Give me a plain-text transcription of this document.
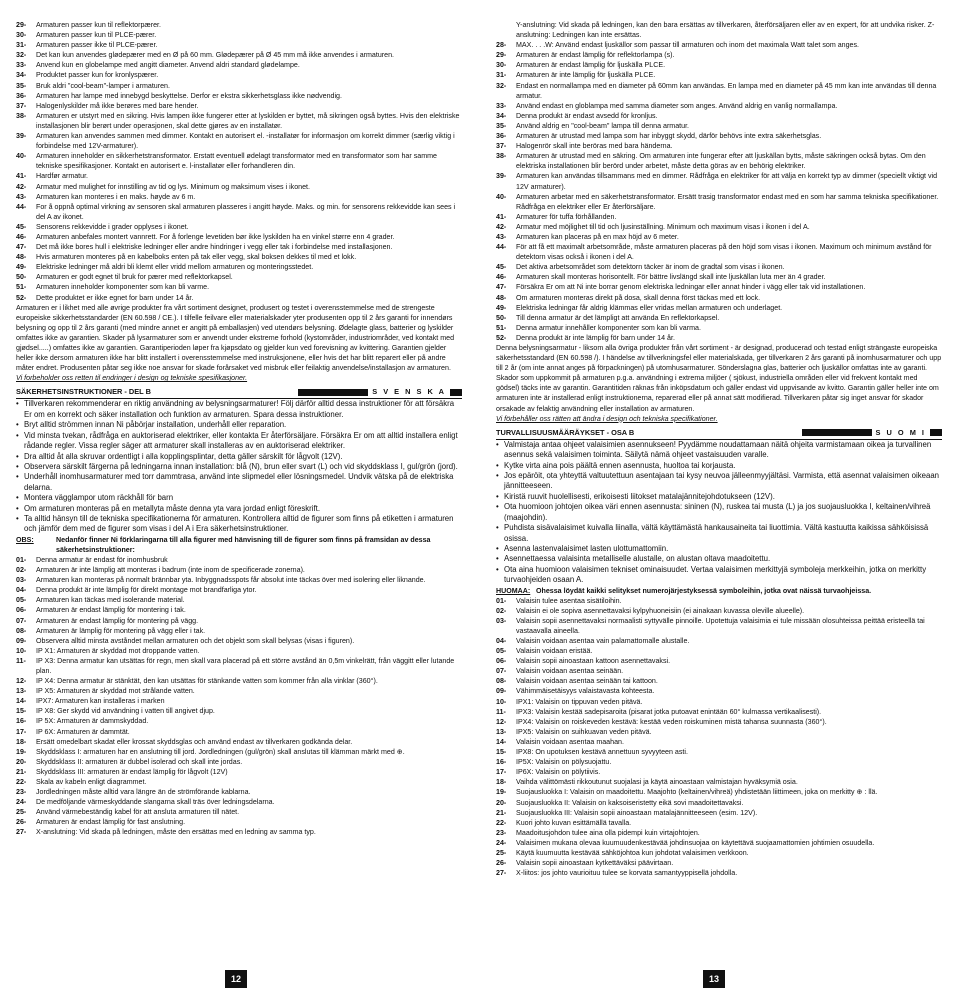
29-	Armaturen passer kun til reflektorpærer.
30-	Armaturen passer kun til PLCE-pærer.
31-	Armaturen passer ikke til PLCE-pærer.
32-	Det kan kun anvendes glødepærer med en Ø på 60 mm. Glødepærer på Ø 45 mm må ikke anvendes i armaturen.
33-	Anvend kun en globelampe med angitt diameter. Anvend aldri standard glødelampe.
34-	Produktet passer kun for kronlyspærer.
35-	Bruk aldri "cool-beam"-lamper i armaturen.
36-	Armaturen har lampe med innebygd beskyttelse. Derfor er ekstra sikkerhetsglass ikke nødvendig.
37-	Halogenlyskilder må ikke berøres med bare hender.
38-	Armaturen er utstyrt med en sikring. Hvis lampen ikke fungerer etter at lyskilden er byttet, må sikringen også byttes. Hvis den elektriske installasjonen blir berørt under operasjonen, skal dette gjøres av en installatør.
39-	Armaturen kan anvendes sammen med dimmer. Kontakt en autorisert el. -installatør for informasjon om korrekt dimmer (særlig viktig i forbindelse med 12V-armaturer).
40-	Armaturen inneholder en sikkerhetstransformator. Erstatt eventuell ødelagt transformator med en transformator som har samme tekniske spesifikasjoner. Kontakt en autorisert e. l-installatør eller forhandleren din.
41-	Hardfør armatur.
42-	Armatur med mulighet for innstilling av tid og lys. Minimum og maksimum vises i ikonet.
43-	Armaturen kan monteres i en maks. høyde av 6 m.
44-	For å oppnå optimal virkning av sensoren skal armaturen plasseres i angitt høyde. Maks. og min. for sensorens rekkevidde kan sees i del A av ikonet.
45-	Sensorens rekkevidde i grader opplyses i ikonet.
46-	Armaturen anbefales montert vannrett. For å forlenge levetiden bør ikke lyskilden ha en vinkel større enn 4 grader.
47-	Det må ikke bores hull i elektriske ledninger eller andre hindringer i vegg eller tak i forbindelse med installasjonen.
48-	Hvis armaturen monteres på en kabelboks enten på tak eller vegg, skal boksen dekkes til med et lokk.
49-	Elektriske ledninger må aldri bli klemt eller vridd mellom armaturen og monteringsstedet.
50-	Armaturen er godt egnet til bruk for pærer med reflektorkapsel.
51-	Armaturen inneholder komponenter som kan bli varme.
52-	Dette produktet er ikke egnet for barn under 14 år.

Armaturen er i likhet med alle øvrige produkter fra vårt sortiment designet, produsert og testet i overensstemmelse med de strengeste europeiske sikkerhetsstandarder (EN 60.598 / CE.). I tilfelle feilvare eller materialskader yter produsenten opp til 2 års garanti for innendørs belysning og opp til 2 års garanti (med mindre annet er angitt på emballasjen) ved utendørs belysning. Ødelagte glass, batterier og lyskilder omfattes ikke av garantien. Skader på lysarmaturer som er anvendt under ekstreme forhold (kystområder, industriområder, ved kontakt med gjødsel.....) omfattes ikke av garantien. Garantiperioden løper fra kjøpsdato og gjelder kun ved forevisning av kvittering. Garantien gjelder heller ikke dersom armaturen ikke har blitt installert i overensstemmelse med instruksjonene, eller hvis det har blitt reparert eller på andre måter endret. Produsenten påtar seg ikke noe ansvar for skade forårsaket ved misbruk eller feilaktig anvendelse/installasjon av armaturen.

Vi forbeholder oss retten til endringer i design og tekniske spesifikasjoner.

SÄKERHETSINSTRUKTIONER - DEL B	S V E N S K A
• Tillverkaren rekommenderar en riktig användning av belysningsarmaturer! Följ därför alltid dessa instruktioner för att försäkra Er om en korrekt och säker installation och funktion av armaturen. Spara dessa instruktioner.
• Bryt alltid strömmen innan Ni påbörjar installation, underhåll eller reparation.
• Vid minsta tvekan, rådfråga en auktoriserad elektriker, eller kontakta Er återförsäljare. Försäkra Er om att alltid installera enligt rådande regler. Vissa regler säger att armaturer skall installeras av en auktoriserad elektriker.
• Dra alltid åt alla skruvar ordentligt i alla kopplingsplintar, detta gäller särskilt för lågvolt (12V).
• Observera särskilt färgerna på ledningarna innan installation: blå (N), brun eller svart (L) och vid skyddsklass I, gul/grön (jord).
• Underhåll inomhusarmaturer med torr dammtrasa, använd inte slipmedel eller lösningsmedel. Undvik vätska på de elektriska delarna.
• Montera vägglampor utom räckhåll för barn
• Om armaturen monteras på en metallyta måste denna yta vara jordad enligt föreskrift.
• Ta alltid hänsyn till de tekniska specifikationerna för armaturen. Kontrollera alltid de figurer som finns på etiketten i armaturen och jämför dem med de figurer som visas i del A i Era säkerhetsinstruktioner.
OBS:	Nedanför finner Ni förklaringarna till alla figurer med hänvisning till de figurer som finns på framsidan av dessa säkerhetsinstruktioner:
01-	Denna armatur är endast för inomhusbruk
02-	Armaturen är inte lämplig att monteras i badrum (inte inom de specificerade zonerna).
03-	Armaturen kan monteras på normalt brännbar yta. Inbyggnadsspots får absolut inte täckas över med isolering eller liknande.
04-	Denna produkt är inte lämplig för direkt montage mot brandfarliga ytor.
05-	Armaturen kan täckas med isolerande material.
06-	Armaturen är endast lämplig för montering i tak.
07-	Armaturen är endast lämplig för montering på vägg.
08-	Armaturen är lämplig för montering på vägg eller i tak.
09-	Observera alltid minsta avståndet mellan armaturen och det objekt som skall belysas (visas i figuren).
10-	IP X1: Armaturen är skyddad mot droppande vatten.
11-	IP X3: Denna armatur kan utsättas för regn, men skall vara placerad på ett större avstånd än 0,5m vinkelrätt, från väggitt eller lutande plan.
12-	IP X4: Denna armatur är stänktät, den kan utsättas för stänkande vatten som kommer från alla vinklar (360°).
13-	IP X5: Armaturen är skyddad mot strålande vatten.
14-	IPX7: Armaturen kan installeras i marken
15-	IP X8: Ger skydd vid användning i vatten till angivet djup.
16-	IP 5X: Armaturen är dammskyddad.
17-	IP 6X: Armaturen är dammtät.
18-	Ersätt omedelbart skadat eller krossat skyddsglas och använd endast av tillverkaren godkända delar.
19-	Skyddsklass I: armaturen har en anslutning till jord. Jordledningen (gul/grön) skall anslutas till klämman märkt med ⊕.
20-	Skyddsklass II: armaturen är dubbel isolerad och skall inte jordas.
21-	Skyddsklass III: armaturen är endast lämplig för lågvolt (12V)
22-	Skala av kabeln enligt diagrammet.
23-	Jordledningen måste alltid vara längre än de strömförande kablarna.
24-	De medföljande värmeskyddande slangarna skall träs över ledningsdelarna.
25-	Använd värmebeständig kabel för att ansluta armaturen till nätet.
26-	Armaturen är endast lämplig för fast anslutning.
27-	X-anslutning: Vid skada på ledningen, måste den ersättas med en ledning av samma typ.
Y-anslutning: Vid skada på ledningen, kan den bara ersättas av tillverkaren, återförsäljaren eller av en expert, för att undvika risker. Z-anslutning: Ledningen kan inte ersättas.
28-	MAX. . . .W: Använd endast ljuskällor som passar till armaturen och inom det maximala Watt talet som anges.
29-	Armaturen är endast lämplig för reflektorlampa (s).
30-	Armaturen är endast lämplig för ljuskälla PLCE.
31-	Armaturen är inte lämplig för ljuskälla PLCE.
32-	Endast en normallampa med en diameter på 60mm kan användas. En lampa med en diameter på 45 mm kan inte användas till denna armatur.
33-	Använd endast en globlampa med samma diameter som anges. Använd aldrig en vanlig normallampa.
34-	Denna produkt är endast avsedd för kronljus.
35-	Använd aldrig en "cool-beam" lampa till denna armatur.
36-	Armaturen är utrustad med lampa som har inbyggt skydd, därför behövs inte extra säkerhetsglas.
37-	Halogenrör skall inte beröras med bara händerna.
38-	Armaturen är utrustad med en säkring. Om armaturen inte fungerar efter att ljuskällan bytts, måste säkringen också bytas. Om den elektriska installationen blir berörd under arbetet, måste detta göras av en behörig elektriker.
39-	Armaturen kan användas tillsammans med en dimmer. Rådfråga en elektriker för att välja en korrekt typ av dimmer (speciellt viktigt vid 12V armaturer).
40-	Armaturen arbetar med en säkerhetstransformator. Ersätt trasig transformator endast med en som har samma tekniska specifikationer. Rådfråga en elektriker eller Er återförsäljare.
41-	Armaturer för tuffa förhållanden.
42-	Armatur med möjlighet till tid och ljusinställning. Minimum och maximum visas i ikonen i del A.
43-	Armaturen kan placeras på en max höjd av 6 meter.
44-	För att få ett maximalt arbetsområde, måste armaturen placeras på den höjd som visas i ikonen. Maximum och minimum avstånd för detektorn visas också i ikonen i del A.
45-	Det aktiva arbetsområdet som detektorn täcker är inom de gradtal som visas i ikonen.
46-	Armaturen skall monteras horisontellt. För bättre livslängd skall inte ljuskällan luta mer än 4 grader.
47-	Försäkra Er om att Ni inte borrar genom elektriska ledningar eller annat hinder i vägg eller tak vid installationen.
48-	Om armaturen monteras direkt på dosa, skall denna först täckas med ett lock.
49-	Elektriska ledningar får aldrig klämmas eller vridas mellan armaturen och underlaget.
50-	Till denna armatur är det lämpligt att använda En reflektorkapsel.
51-	Denna armatur innehåller komponenter som kan bli varma.
52-	Denna produkt är inte lämplig för barn under 14 år.

Denna belysningsarmatur - liksom alla övriga produkter från vårt sortiment - är designad, producerad och testad enligt strängaste europeiska säkerhetsstandard (EN 60.598 /). I händelse av tillverkningsfel eller materialskada, ger tillverkaren 2 års garanti på inomhusarmaturer och upp till 2 år (om inte annat anges på förpackningen) på utomhusarmaturer. Sönderslagna glas, batterier och ljuskällor omfattas inte av garanti. Skador som uppkommit på armaturen p.g.a. användning i extrema miljöer ( sjökust, industriella områden eller vid frekvent kontakt med gödsel) täcks inte av garantin. Garantitiden räknas från inköpsdatum och gäller endast vid uppvisande av kvitto. Garantin gäller heller inte om armaturen inte är installerad enligt instruktionerna, reparerad eller på annat sätt modifierad. Tillverkaren påtar sig inget ansvar för skador orsakade av felaktig användning eller installation av armaturen.

Vi förbehåller oss rätten att ändra i design och tekniska specifikationer.

TURVALLISUUSMÄÄRÄYKSET - OSA B	S U O M I
• Valmistaja antaa ohjeet valaisimien asennukseen! Pyydämme noudattamaan näitä ohjeita varmistamaan oikea ja turvallinen asennus sekä valaisimen toiminta. Säilytä nämä ohjeet vastaisuuden varalle.
• Kytke virta aina pois päältä ennen asennusta, huoltoa tai korjausta.
• Jos epäröit, ota yhteyttä valtuutettuun asentajaan tai kysy neuvoa jälleenmyyjältäsi. Varmista, että asennat valaisimen oikeaan jännitteeseen.
• Kiristä ruuvit huolellisesti, erikoisesti liitokset matalajännitejohdotukseen (12V).
• Ota huomioon johtojen oikea väri ennen asennusta: sininen (N), ruskea tai musta (L) ja jos suojausluokka I, keltainen/vihreä (maajohdin).
• Puhdista sisävalaisimet kuivalla liinalla, vältä käyttämästä hankausaineita tai liuottimia. Vältä kastuutta kaikissa sähköisissä osissa.
• Asenna lastenvalaisimet lasten ulottumattomiin.
• Asennettaessa valaisinta metalliselle alustalle, on alustan oltava maadoitettu.
• Ota aina huomioon valaisimen tekniset ominaisuudet. Vertaa valaisimen merkittyjä symboleja merkkeihin, jotka on merkitty turvaohjeiden osaan A.
HUOMAA: Ohessa löydät kaikki selitykset numerojärjestyksessä symboleihin, jotka ovat näissä turvaohjeissa.
01-	Valaisin tulee asentaa sisätiloihin.
02-	Valaisin ei ole sopiva asennettavaksi kylpyhuoneisiin (ei ainakaan kuvassa oleville alueelle).
03-	Valaisin sopii asennettavaksi normaalisti syttyvälle pinnoille. Upotettuja valaisimia ei tule missään olosuhteissa peittää eristeellä tai vastaavalla aineella.
04-	Valaisin voidaan asentaa vain palamattomalle alustalle.
05-	Valaisin voidaan eristää.
06-	Valaisin sopii ainoastaan kattoon asennettavaksi.
07-	Valaisin voidaan asentaa seinään.
08-	Valaisin voidaan asentaa seinään tai kattoon.
09-	Vähimmäisetäisyys valaistavasta kohteesta.
10-	IPX1: Valaisin on tippuvan veden pitävä.
11-	IPX3: Valaisin kestää sadepisaroita (pisarat jotka putoavat enintään 60° kulmassa vertikaalisesti).
12-	IPX4: Valaisin on roiskeveden kestävä: kestää veden roiskuminen mistä tahansa suunnasta (360°).
13-	IPX5: Valaisin on suihkuavan veden pitävä.
14-	Valaisin voidaan asentaa maahan.
15-	IPX8: On upotuksen kestävä annettuun syvyyteen asti.
16-	IP5X: Valaisin on pölysuojattu.
17-	IP6X: Valaisin on pölytiivis.
18-	Vaihda välittömästi rikkoutunut suojalasi ja käytä ainoastaan valmistajan hyväksymiä osia.
19-	Suojausluokka I: Valaisin on maadoitettu. Maajohto (keltainen/vihreä) yhdistetään liittimeen, joka on merkitty ⊕ : llä.
20-	Suojausluokka II: Valaisin on kaksoiseristetty eikä sovi maadoitettavaksi.
21-	Suojausluokka III: Valaisin sopii ainoastaan matalajännitteeseen (esim. 12V).
22-	Kuori johto kuvan esittämällä tavalla.
23-	Maadoitusjohdon tulee aina olla pidempi kuin virtajohtojen.
24-	Valaisimen mukana olevaa kuumuudenkestävää johdinsuojaa on käytettävä suojaamattomien johtimien osuudella.
25-	Käytä kuumuutta kestävää sähköjohtoa kun johdotat valaisimen verkkoon.
26-	Valaisin sopii ainoastaan kytkettäväksi päävirtaan.
27-	X-liitos: jos johto vaurioituu tulee se korvata samantyyppisellä johdolla.
12	13
